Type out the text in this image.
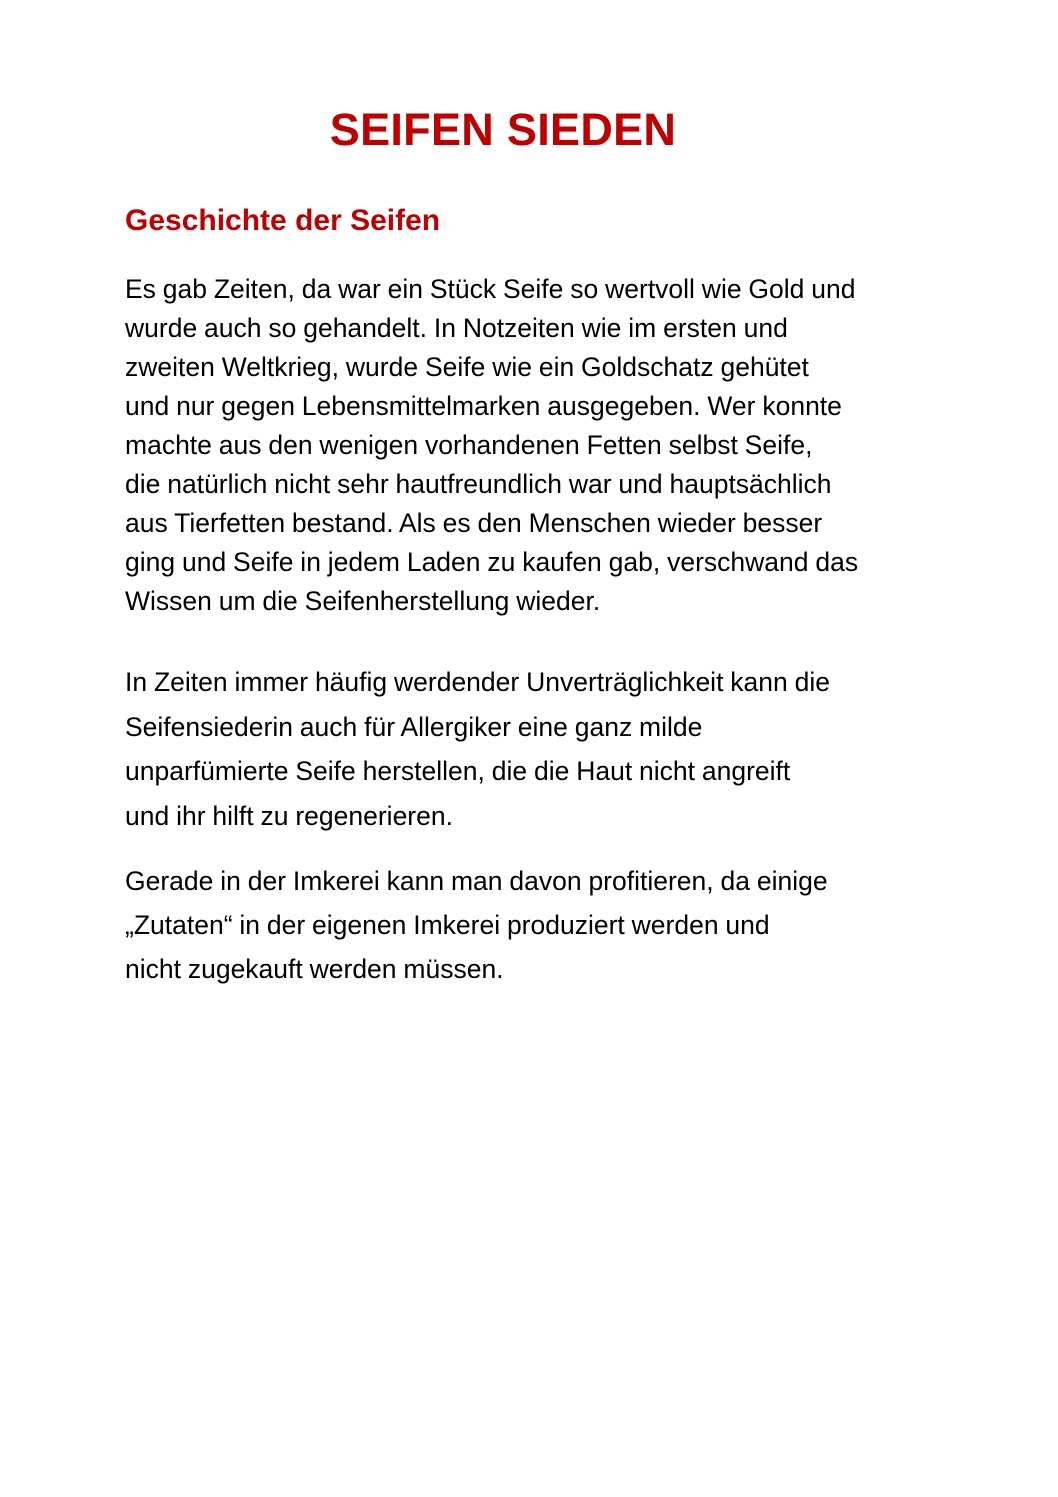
SEIFEN SIEDEN
Geschichte der Seifen

Es gab Zeiten, da war ein Stück Seife so wertvoll wie Gold und
wurde auch so gehandelt. In Notzeiten wie im ersten und
zweiten Weltkrieg, wurde Seife wie ein Goldschatz gehütet
und nur gegen Lebensmittelmarken ausgegeben. Wer konnte
machte aus den wenigen vorhandenen Fetten selbst Seife,
die natürlich nicht sehr hautfreundlich war und hauptsächlich
aus Tierfetten bestand. Als es den Menschen wieder besser
ging und Seife in jedem Laden zu kaufen gab, verschwand das
Wissen um die Seifenherstellung wieder.

In Zeiten immer häufig werdender Unverträglichkeit kann die
Seifensiederin auch für Allergiker eine ganz milde
unparfümierte Seife herstellen, die die Haut nicht angreift
und ihr hilft zu regenerieren.

Gerade in der Imkerei kann man davon profitieren, da einige
„Zutaten“ in der eigenen Imkerei produziert werden und
nicht zugekauft werden müssen.
